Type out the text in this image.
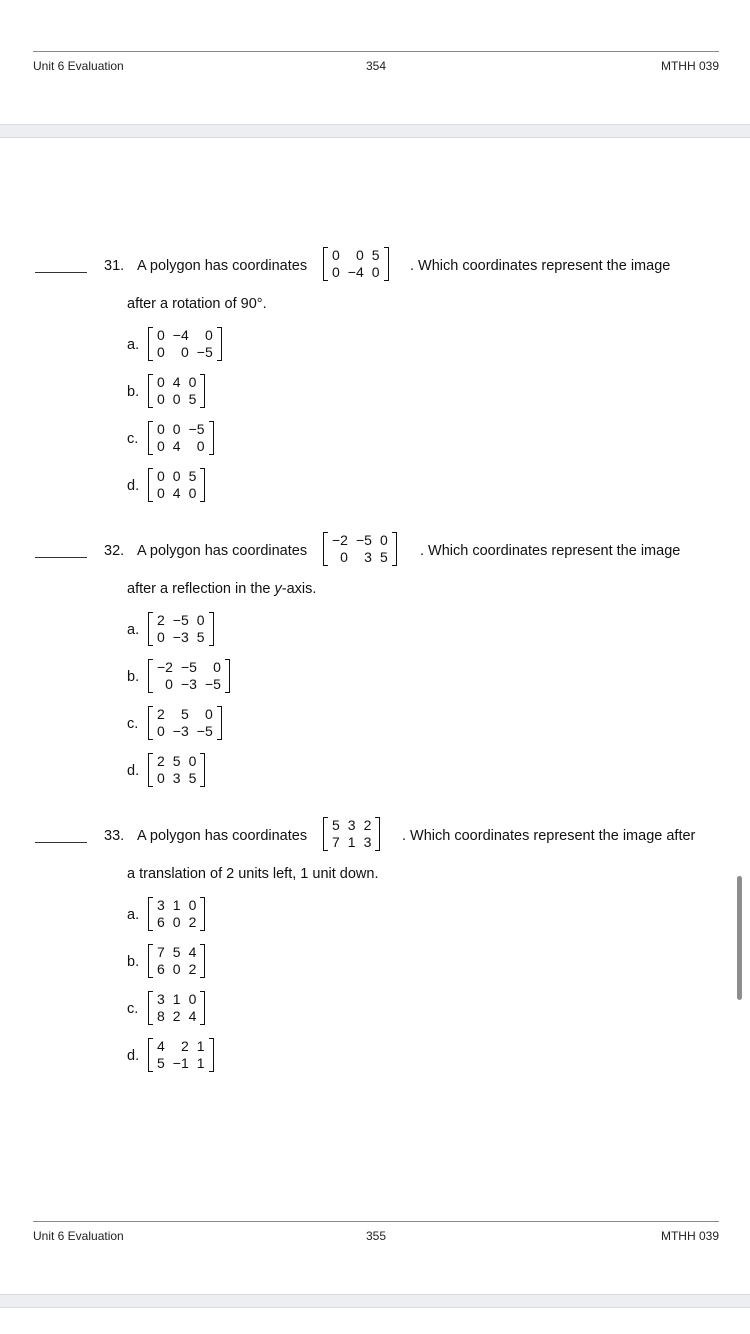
Unit 6 Evaluation	354	MTHH 039
31. A polygon has coordinates
0	0	5
0	−4	0 . Which coordinates represent the image
after a rotation of 90°.
a.
0	−4	0
0	0	−5
b.
0	4	0
0	0	5
c.
0	0	−5
0	4	0
d.
0	0	5
0	4	0
32. A polygon has coordinates
−2	−5	0
0	3	5 . Which coordinates represent the image
after a reflection in the y-axis.
a.
2	−5	0
0	−3	5
b.
−2	−5	0
0	−3	−5
c.
2	5	0
0	−3	−5
d.
2	5	0
0	3	5
33. A polygon has coordinates
5	3	2
7	1	3 . Which coordinates represent the image after
a translation of 2 units left, 1 unit down.
a.
3	1	0
6	0	2
b.
7	5	4
6	0	2
c.
3	1	0
8	2	4
d.
4	2	1
5	−1	1
Unit 6 Evaluation	355	MTHH 039
